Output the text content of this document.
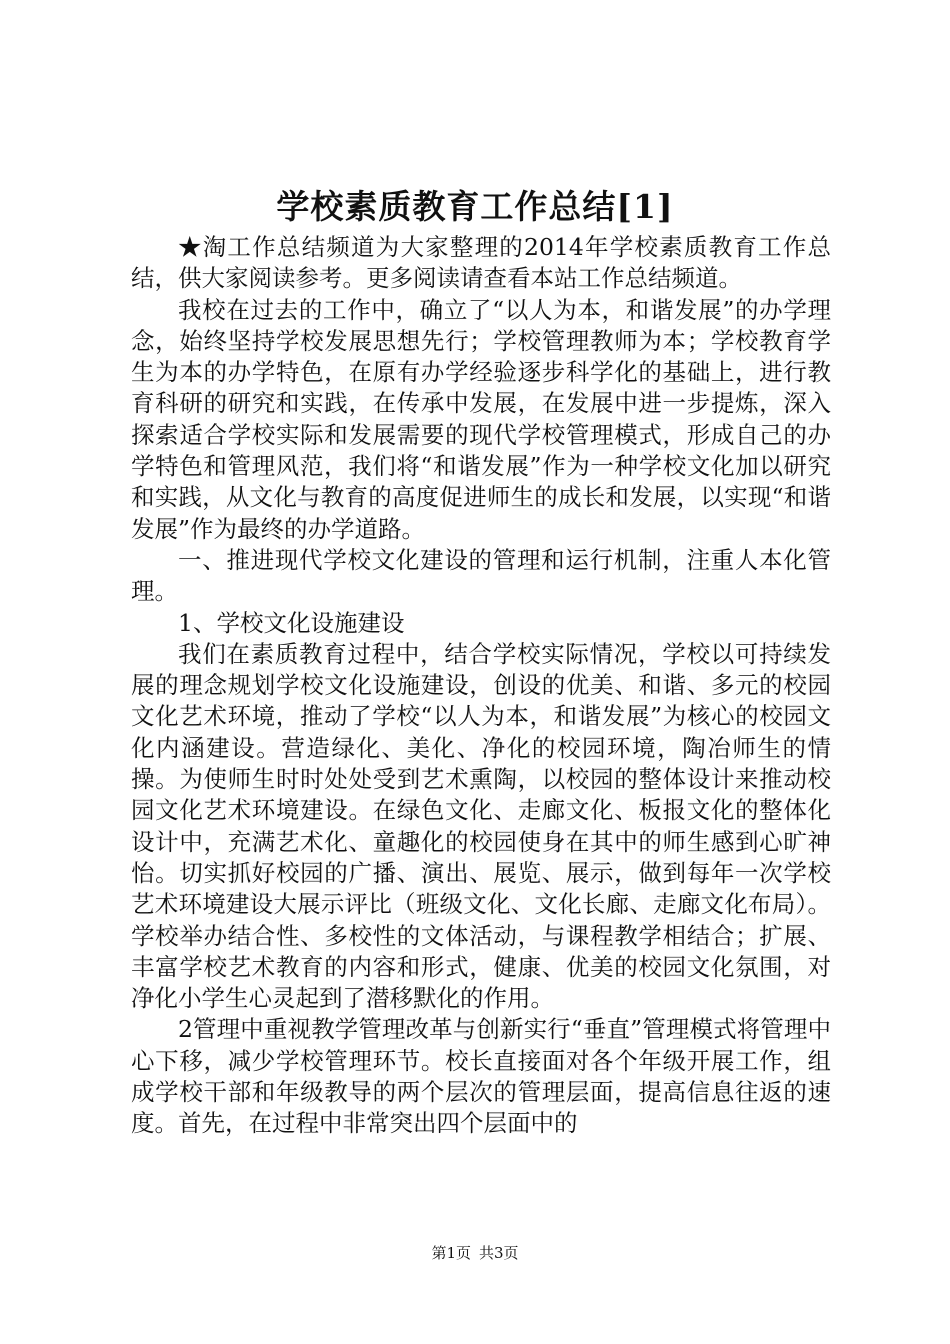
学校素质教育工作总结[1]

★淘工作总结频道为大家整理的2014年学校素质教育工作总结，供大家阅读参考。更多阅读请查看本站工作总结频道。

我校在过去的工作中，确立了“以人为本，和谐发展”的办学理念，始终坚持学校发展思想先行；学校管理教师为本；学校教育学生为本的办学特色，在原有办学经验逐步科学化的基础上，进行教育科研的研究和实践，在传承中发展，在发展中进一步提炼，深入探索适合学校实际和发展需要的现代学校管理模式，形成自己的办学特色和管理风范，我们将“和谐发展”作为一种学校文化加以研究和实践，从文化与教育的高度促进师生的成长和发展，以实现“和谐发展”作为最终的办学道路。

一、推进现代学校文化建设的管理和运行机制，注重人本化管理。

1、学校文化设施建设

我们在素质教育过程中，结合学校实际情况，学校以可持续发展的理念规划学校文化设施建设，创设的优美、和谐、多元的校园文化艺术环境，推动了学校“以人为本，和谐发展”为核心的校园文化内涵建设。营造绿化、美化、净化的校园环境，陶冶师生的情操。为使师生时时处处受到艺术熏陶，以校园的整体设计来推动校园文化艺术环境建设。在绿色文化、走廊文化、板报文化的整体化设计中，充满艺术化、童趣化的校园使身在其中的师生感到心旷神怡。切实抓好校园的广播、演出、展览、展示，做到每年一次学校艺术环境建设大展示评比（班级文化、文化长廊、走廊文化布局）。学校举办结合性、多校性的文体活动，与课程教学相结合；扩展、丰富学校艺术教育的内容和形式，健康、优美的校园文化氛围，对净化小学生心灵起到了潜移默化的作用。

2管理中重视教学管理改革与创新实行“垂直”管理模式将管理中心下移，减少学校管理环节。校长直接面对各个年级开展工作，组成学校干部和年级教导的两个层次的管理层面，提高信息往返的速度。首先，在过程中非常突出四个层面中的

第1页 共3页
